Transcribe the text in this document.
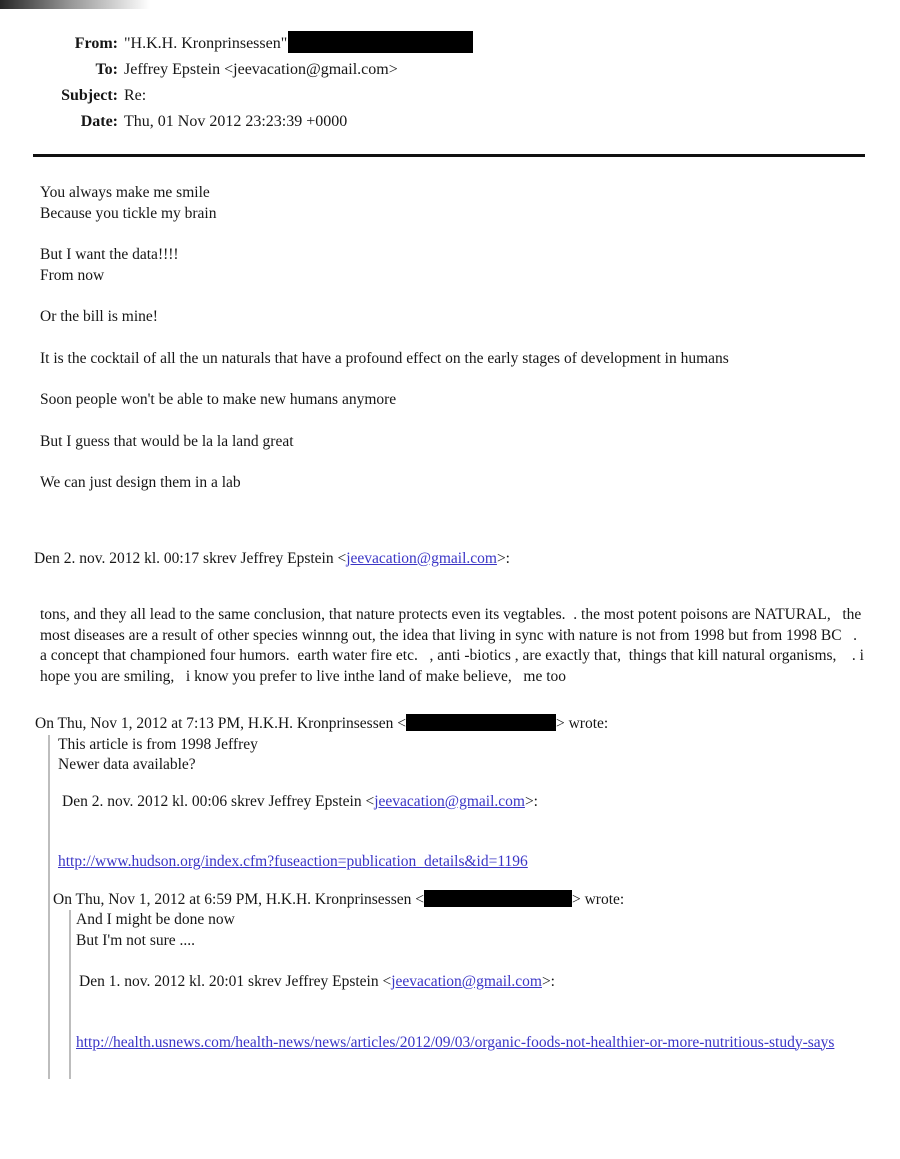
From: "H.K.H. Kronprinsessen"
To: Jeffrey Epstein <jeevacation@gmail.com>
Subject: Re:
Date: Thu, 01 Nov 2012 23:23:39 +0000
You always make me smile
Because you tickle my brain
But I want the data!!!!
From now
Or the bill is mine!
It is the cocktail of all the un naturals that have a profound effect on the early stages of development in humans
Soon people won't be able to make new humans anymore
But I guess that would be la la land great
We can just design them in a lab
Den 2. nov. 2012 kl. 00:17 skrev Jeffrey Epstein <jeevacation@gmail.com>:
tons, and they all lead to the same conclusion, that nature protects even its vegtables.  . the most potent poisons are NATURAL,   the most diseases are a result of other species winnng out, the idea that living in sync with nature is not from 1998 but from 1998 BC   . a concept that championed four humors.  earth water fire etc.   , anti -biotics , are exactly that,  things that kill natural organisms,    . i hope you are smiling,   i know you prefer to live inthe land of make believe,   me too
On Thu, Nov 1, 2012 at 7:13 PM, H.K.H. Kronprinsessen <	> wrote:
This article is from 1998 Jeffrey
Newer data available?
Den 2. nov. 2012 kl. 00:06 skrev Jeffrey Epstein <jeevacation@gmail.com>:
http://www.hudson.org/index.cfm?fuseaction=publication_details&id=1196
On Thu, Nov 1, 2012 at 6:59 PM, H.K.H. Kronprinsessen <	> wrote:
And I might be done now
But I'm not sure ....
Den 1. nov. 2012 kl. 20:01 skrev Jeffrey Epstein <jeevacation@gmail.com>:
http://health.usnews.com/health-news/news/articles/2012/09/03/organic-foods-not-healthier-or-more-nutritious-study-says
